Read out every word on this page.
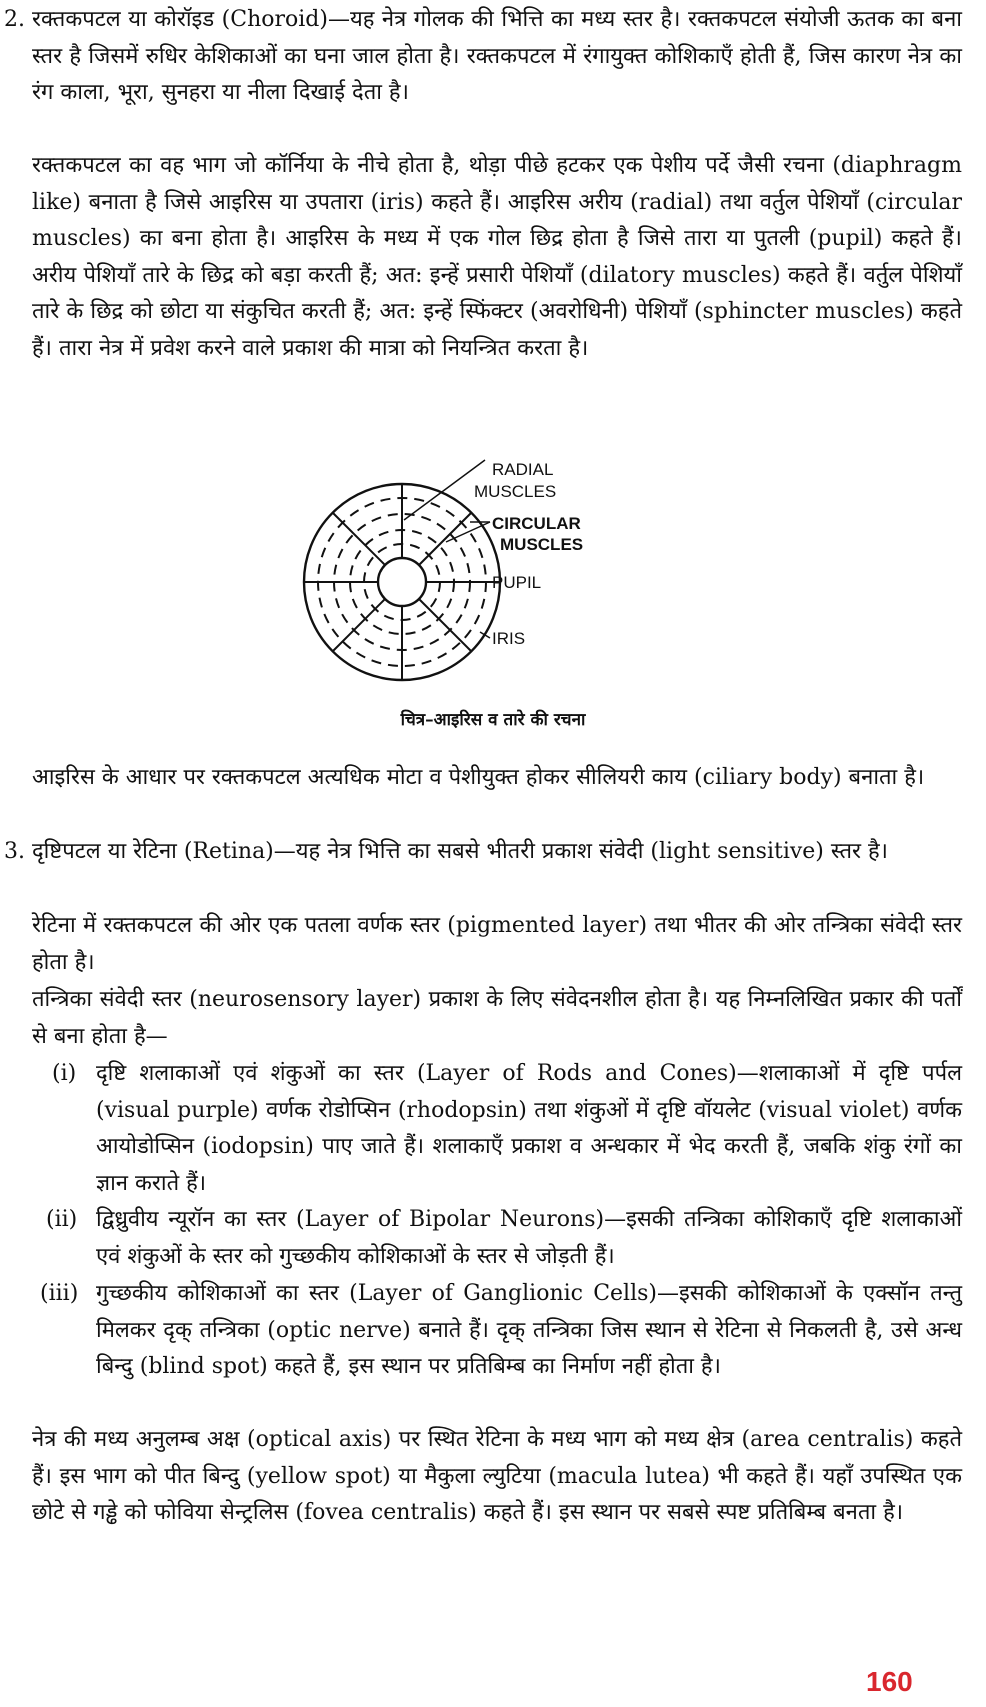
2. रक्तकपटल या कोरॉइड (Choroid)—यह नेत्र गोलक की भित्ति का मध्य स्तर है। रक्तकपटल संयोजी ऊतक का बना स्तर है जिसमें रुधिर केशिकाओं का घना जाल होता है। रक्तकपटल में रंगायुक्त कोशिकाएँ होती हैं, जिस कारण नेत्र का रंग काला, भूरा, सुनहरा या नीला दिखाई देता है।

रक्तकपटल का वह भाग जो कॉर्निया के नीचे होता है, थोड़ा पीछे हटकर एक पेशीय पर्दे जैसी रचना (diaphragm like) बनाता है जिसे आइरिस या उपतारा (iris) कहते हैं। आइरिस अरीय (radial) तथा वर्तुल पेशियाँ (circular muscles) का बना होता है। आइरिस के मध्य में एक गोल छिद्र होता है जिसे तारा या पुतली (pupil) कहते हैं। अरीय पेशियाँ तारे के छिद्र को बड़ा करती हैं; अत: इन्हें प्रसारी पेशियाँ (dilatory muscles) कहते हैं। वर्तुल पेशियाँ तारे के छिद्र को छोटा या संकुचित करती हैं; अत: इन्हें स्फिंक्टर (अवरोधिनी) पेशियाँ (sphincter muscles) कहते हैं। तारा नेत्र में प्रवेश करने वाले प्रकाश की मात्रा को नियन्त्रित करता है।

RADIAL
MUSCLES
CIRCULAR
MUSCLES
PUPIL
IRIS
चित्र–आइरिस व तारे की रचना

आइरिस के आधार पर रक्तकपटल अत्यधिक मोटा व पेशीयुक्त होकर सीलियरी काय (ciliary body) बनाता है।

3. दृष्टिपटल या रेटिना (Retina)—यह नेत्र भित्ति का सबसे भीतरी प्रकाश संवेदी (light sensitive) स्तर है।

रेटिना में रक्तकपटल की ओर एक पतला वर्णक स्तर (pigmented layer) तथा भीतर की ओर तन्त्रिका संवेदी स्तर होता है।

तन्त्रिका संवेदी स्तर (neurosensory layer) प्रकाश के लिए संवेदनशील होता है। यह निम्नलिखित प्रकार की पर्तों से बना होता है—

(i) दृष्टि शलाकाओं एवं शंकुओं का स्तर (Layer of Rods and Cones)—शलाकाओं में दृष्टि पर्पल (visual purple) वर्णक रोडोप्सिन (rhodopsin) तथा शंकुओं में दृष्टि वॉयलेट (visual violet) वर्णक आयोडोप्सिन (iodopsin) पाए जाते हैं। शलाकाएँ प्रकाश व अन्धकार में भेद करती हैं, जबकि शंकु रंगों का ज्ञान कराते हैं।

(ii) द्विध्रुवीय न्यूरॉन का स्तर (Layer of Bipolar Neurons)—इसकी तन्त्रिका कोशिकाएँ दृष्टि शलाकाओं एवं शंकुओं के स्तर को गुच्छकीय कोशिकाओं के स्तर से जोड़ती हैं।

(iii) गुच्छकीय कोशिकाओं का स्तर (Layer of Ganglionic Cells)—इसकी कोशिकाओं के एक्सॉन तन्तु मिलकर दृक् तन्त्रिका (optic nerve) बनाते हैं। दृक् तन्त्रिका जिस स्थान से रेटिना से निकलती है, उसे अन्ध बिन्दु (blind spot) कहते हैं, इस स्थान पर प्रतिबिम्ब का निर्माण नहीं होता है।

नेत्र की मध्य अनुलम्ब अक्ष (optical axis) पर स्थित रेटिना के मध्य भाग को मध्य क्षेत्र (area centralis) कहते हैं। इस भाग को पीत बिन्दु (yellow spot) या मैकुला ल्युटिया (macula lutea) भी कहते हैं। यहाँ उपस्थित एक छोटे से गड्ढे को फोविया सेन्ट्रलिस (fovea centralis) कहते हैं। इस स्थान पर सबसे स्पष्ट प्रतिबिम्ब बनता है।

160
